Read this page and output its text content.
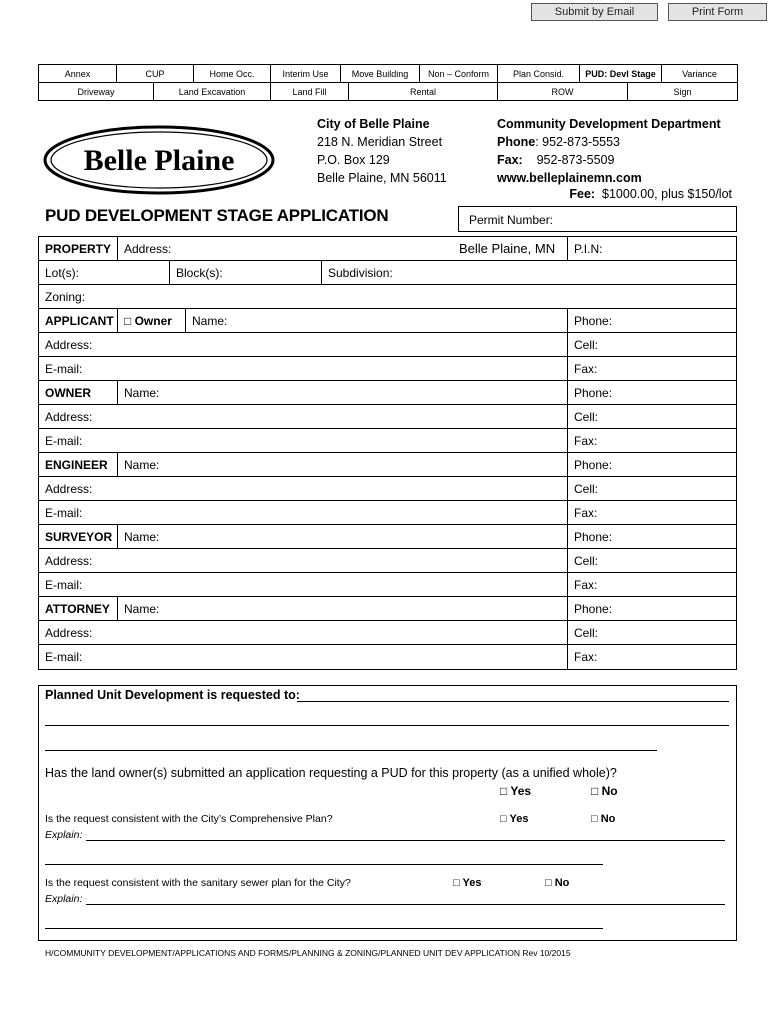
Submit by Email	Print Form
Annex	CUP		Home Occ.	Interim Use	Move Building		Non – Conform	Plan Consid.	PUD: Devl Stage		Variance
Driveway		Land Excavation		Land Fill		Rental		ROW		Sign	
Belle Plaine
City of Belle Plaine
218 N. Meridian Street
P.O. Box 129
Belle Plaine, MN 56011
Community Development Department
Phone: 952-873-5553
Fax: 952-873-5509
www.belleplainemn.com
Fee: $1000.00, plus $150/lot
PUD DEVELOPMENT STAGE APPLICATION	Permit Number:
PROPERTY	Address:	Belle Plaine, MN	P.I.N:
Lot(s):	Block(s):	Subdivision:
Zoning:
APPLICANT □ Owner	Name:	Phone:
Address:	Cell:
E-mail:	Fax:
OWNER	Name:	Phone:
Address:	Cell:
E-mail:	Fax:
ENGINEER	Name:	Phone:
Address:	Cell:
E-mail:	Fax:
SURVEYOR Name:	Phone:
Address:	Cell:
E-mail:	Fax:
ATTORNEY	Name:	Phone:
Address:	Cell:
E-mail:	Fax:
Planned Unit Development is requested to:
Has the land owner(s) submitted an application requesting a PUD for this property (as a unified whole)?
□ Yes	□ No
Is the request consistent with the City’s Comprehensive Plan?	□ Yes	□ No
Explain:
Is the request consistent with the sanitary sewer plan for the City?	□ Yes	□ No
Explain:
H/COMMUNITY DEVELOPMENT/APPLICATIONS AND FORMS/PLANNING & ZONING/PLANNED UNIT DEV APPLICATION Rev 10/2015
